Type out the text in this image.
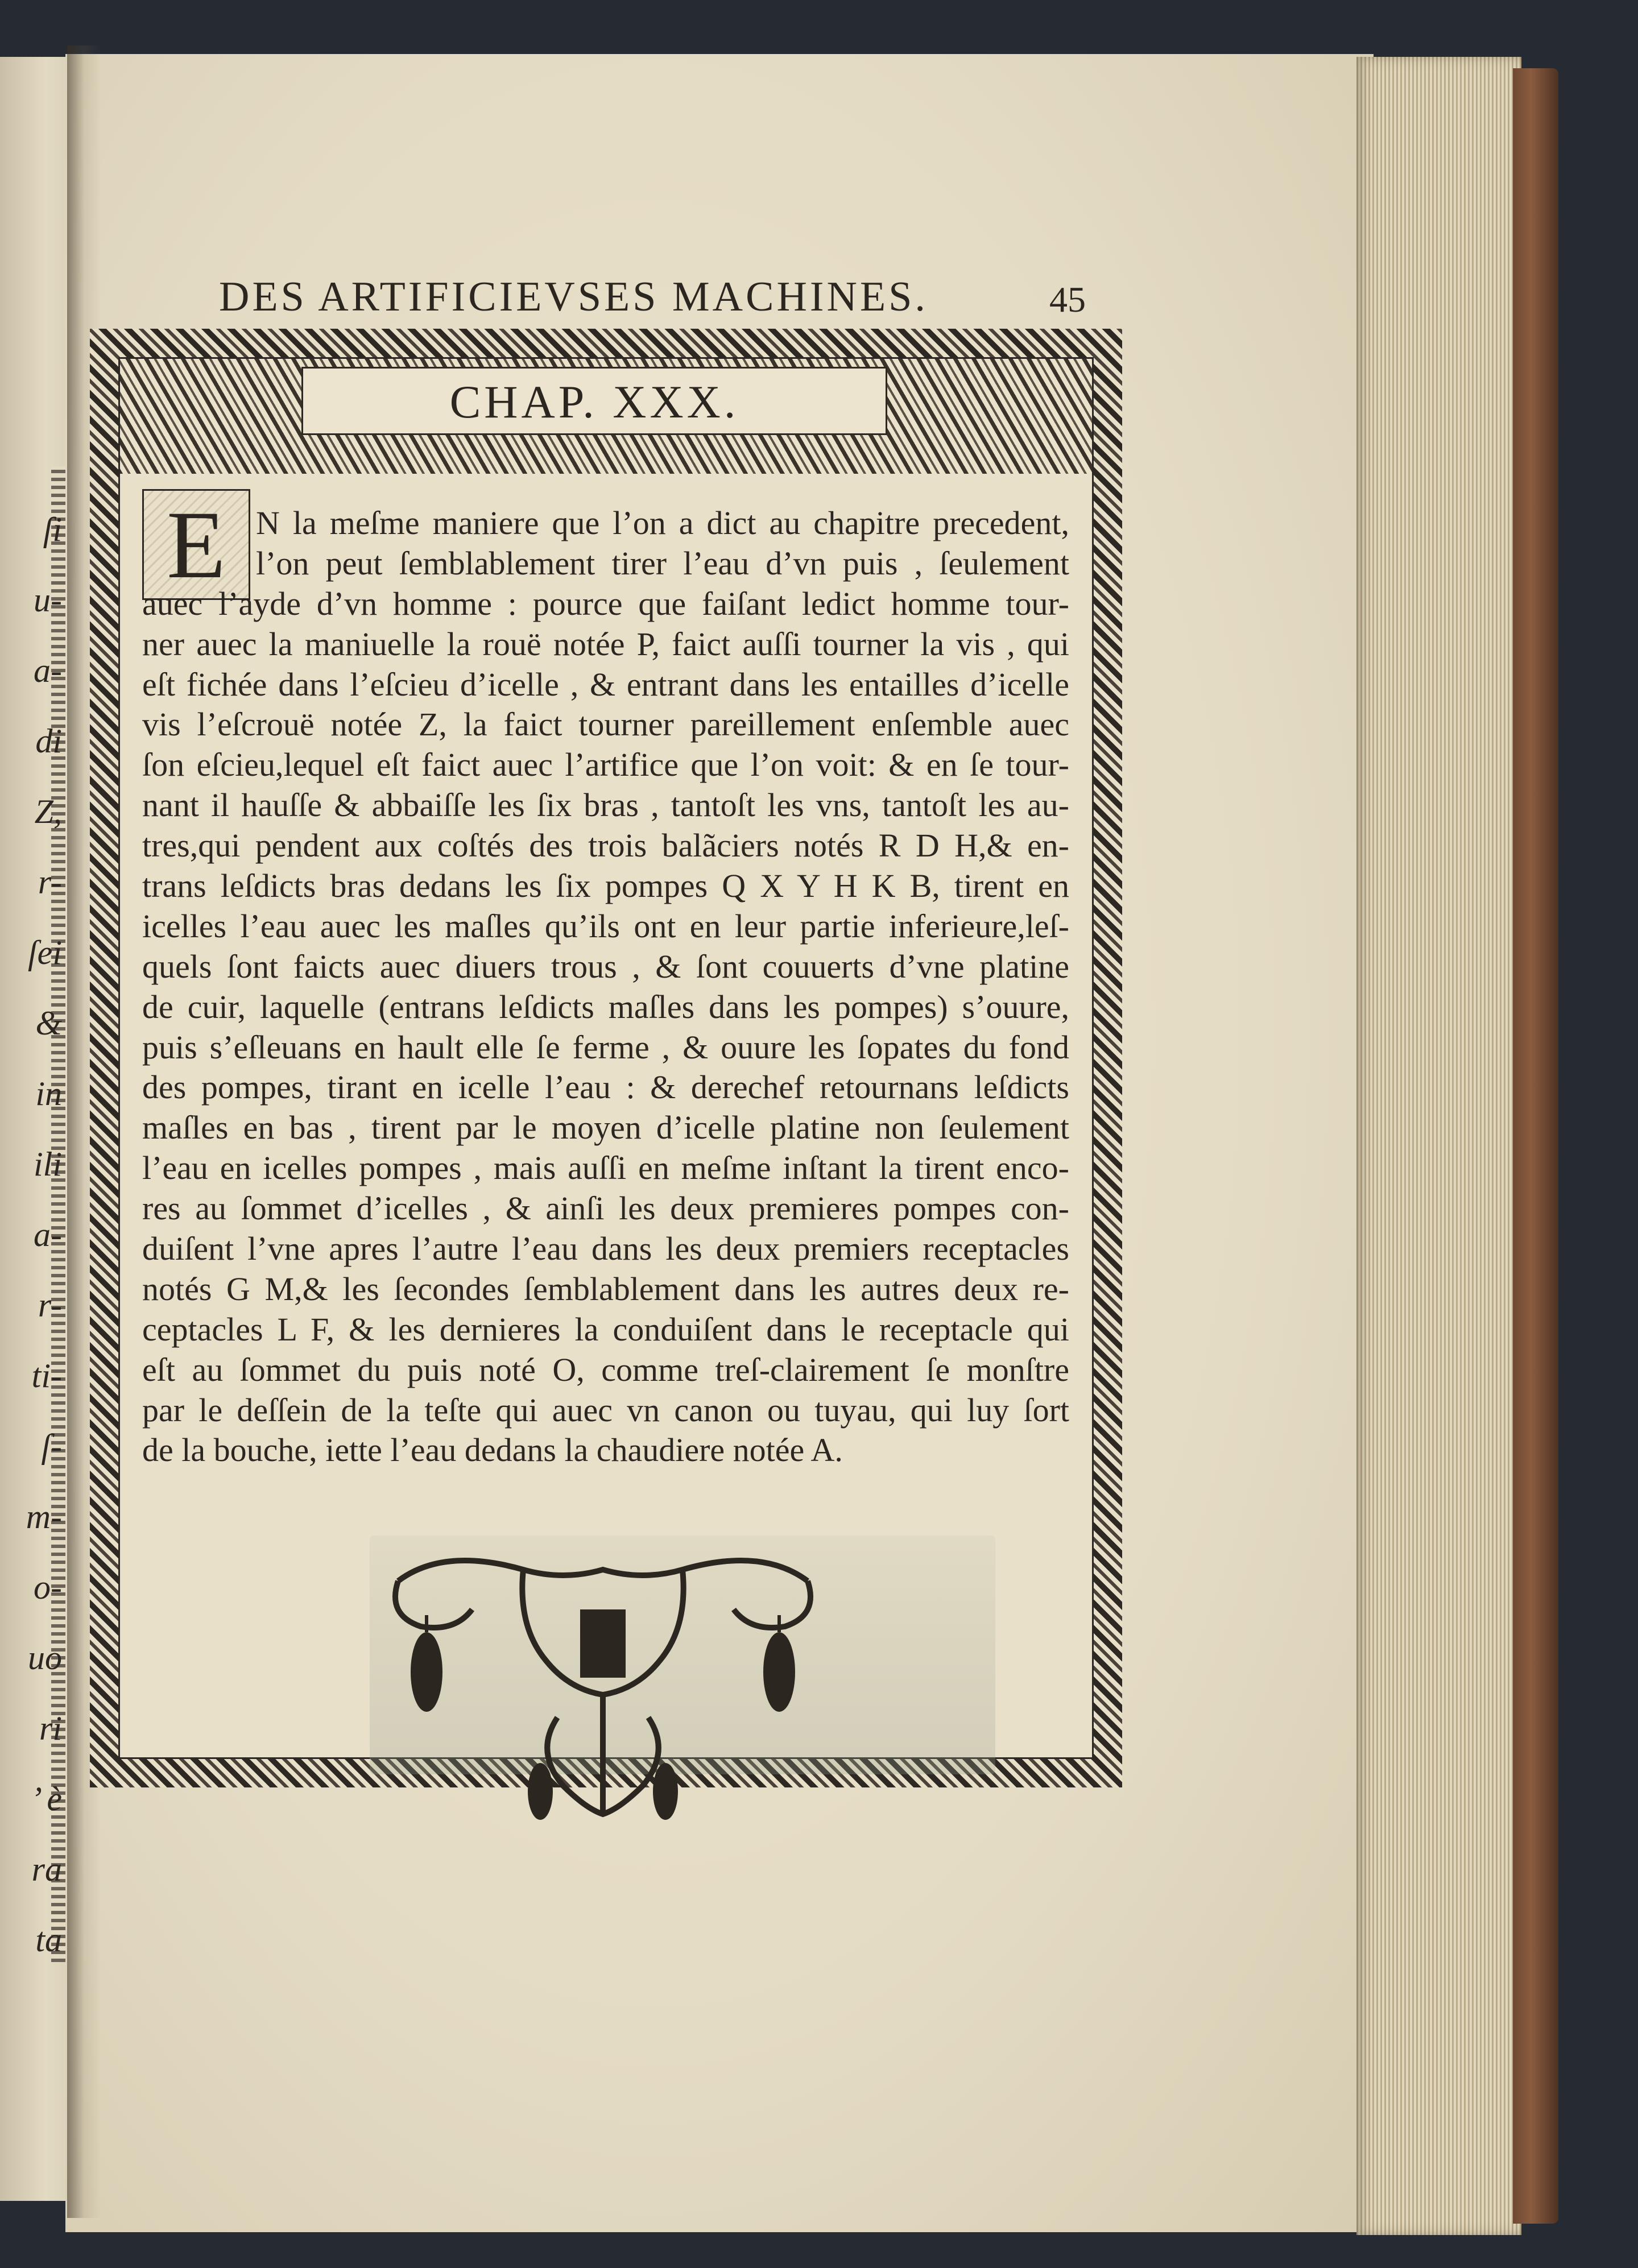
ſi
u-
a-
di
Z,
r-
ſei
&
in
ili
a-
r-
ti-
ſ-
m-
o-
uo
ri
’ è
ra
ta
DES ARTIFICIEVSES MACHINES.	45
CHAP. XXX.
E N la meſme maniere que l’on a dict au chapitre precedent,
l’on peut ſemblablement tirer l’eau d’vn puis , ſeulement
auec l’ayde d’vn homme : pource que faiſant ledict homme tour-
ner auec la maniuelle la rouë notée P, faict auſſi tourner la vis , qui
eſt fichée dans l’eſcieu d’icelle , & entrant dans les entailles d’icelle
vis l’eſcrouë notée Z, la faict tourner pareillement enſemble auec
ſon eſcieu,lequel eſt faict auec l’artifice que l’on voit: & en ſe tour-
nant il hauſſe & abbaiſſe les ſix bras , tantoſt les vns, tantoſt les au-
tres,qui pendent aux coſtés des trois balãciers notés R D H,& en-
trans leſdicts bras dedans les ſix pompes Q X Y H K B, tirent en
icelles l’eau auec les maſles qu’ils ont en leur partie inferieure,leſ-
quels ſont faicts auec diuers trous , & ſont couuerts d’vne platine
de cuir, laquelle (entrans leſdicts maſles dans les pompes) s’ouure,
puis s’eſleuans en hault elle ſe ferme , & ouure les ſopates du fond
des pompes, tirant en icelle l’eau : & derechef retournans leſdicts
maſles en bas , tirent par le moyen d’icelle platine non ſeulement
l’eau en icelles pompes , mais auſſi en meſme inſtant la tirent enco-
res au ſommet d’icelles , & ainſi les deux premieres pompes con-
duiſent l’vne apres l’autre l’eau dans les deux premiers receptacles
notés G M,& les ſecondes ſemblablement dans les autres deux re-
ceptacles L F, & les dernieres la conduiſent dans le receptacle qui
eſt au ſommet du puis noté O, comme treſ-clairement ſe monſtre
par le deſſein de la teſte qui auec vn canon ou tuyau, qui luy ſort
de la bouche, iette l’eau dedans la chaudiere notée A.
